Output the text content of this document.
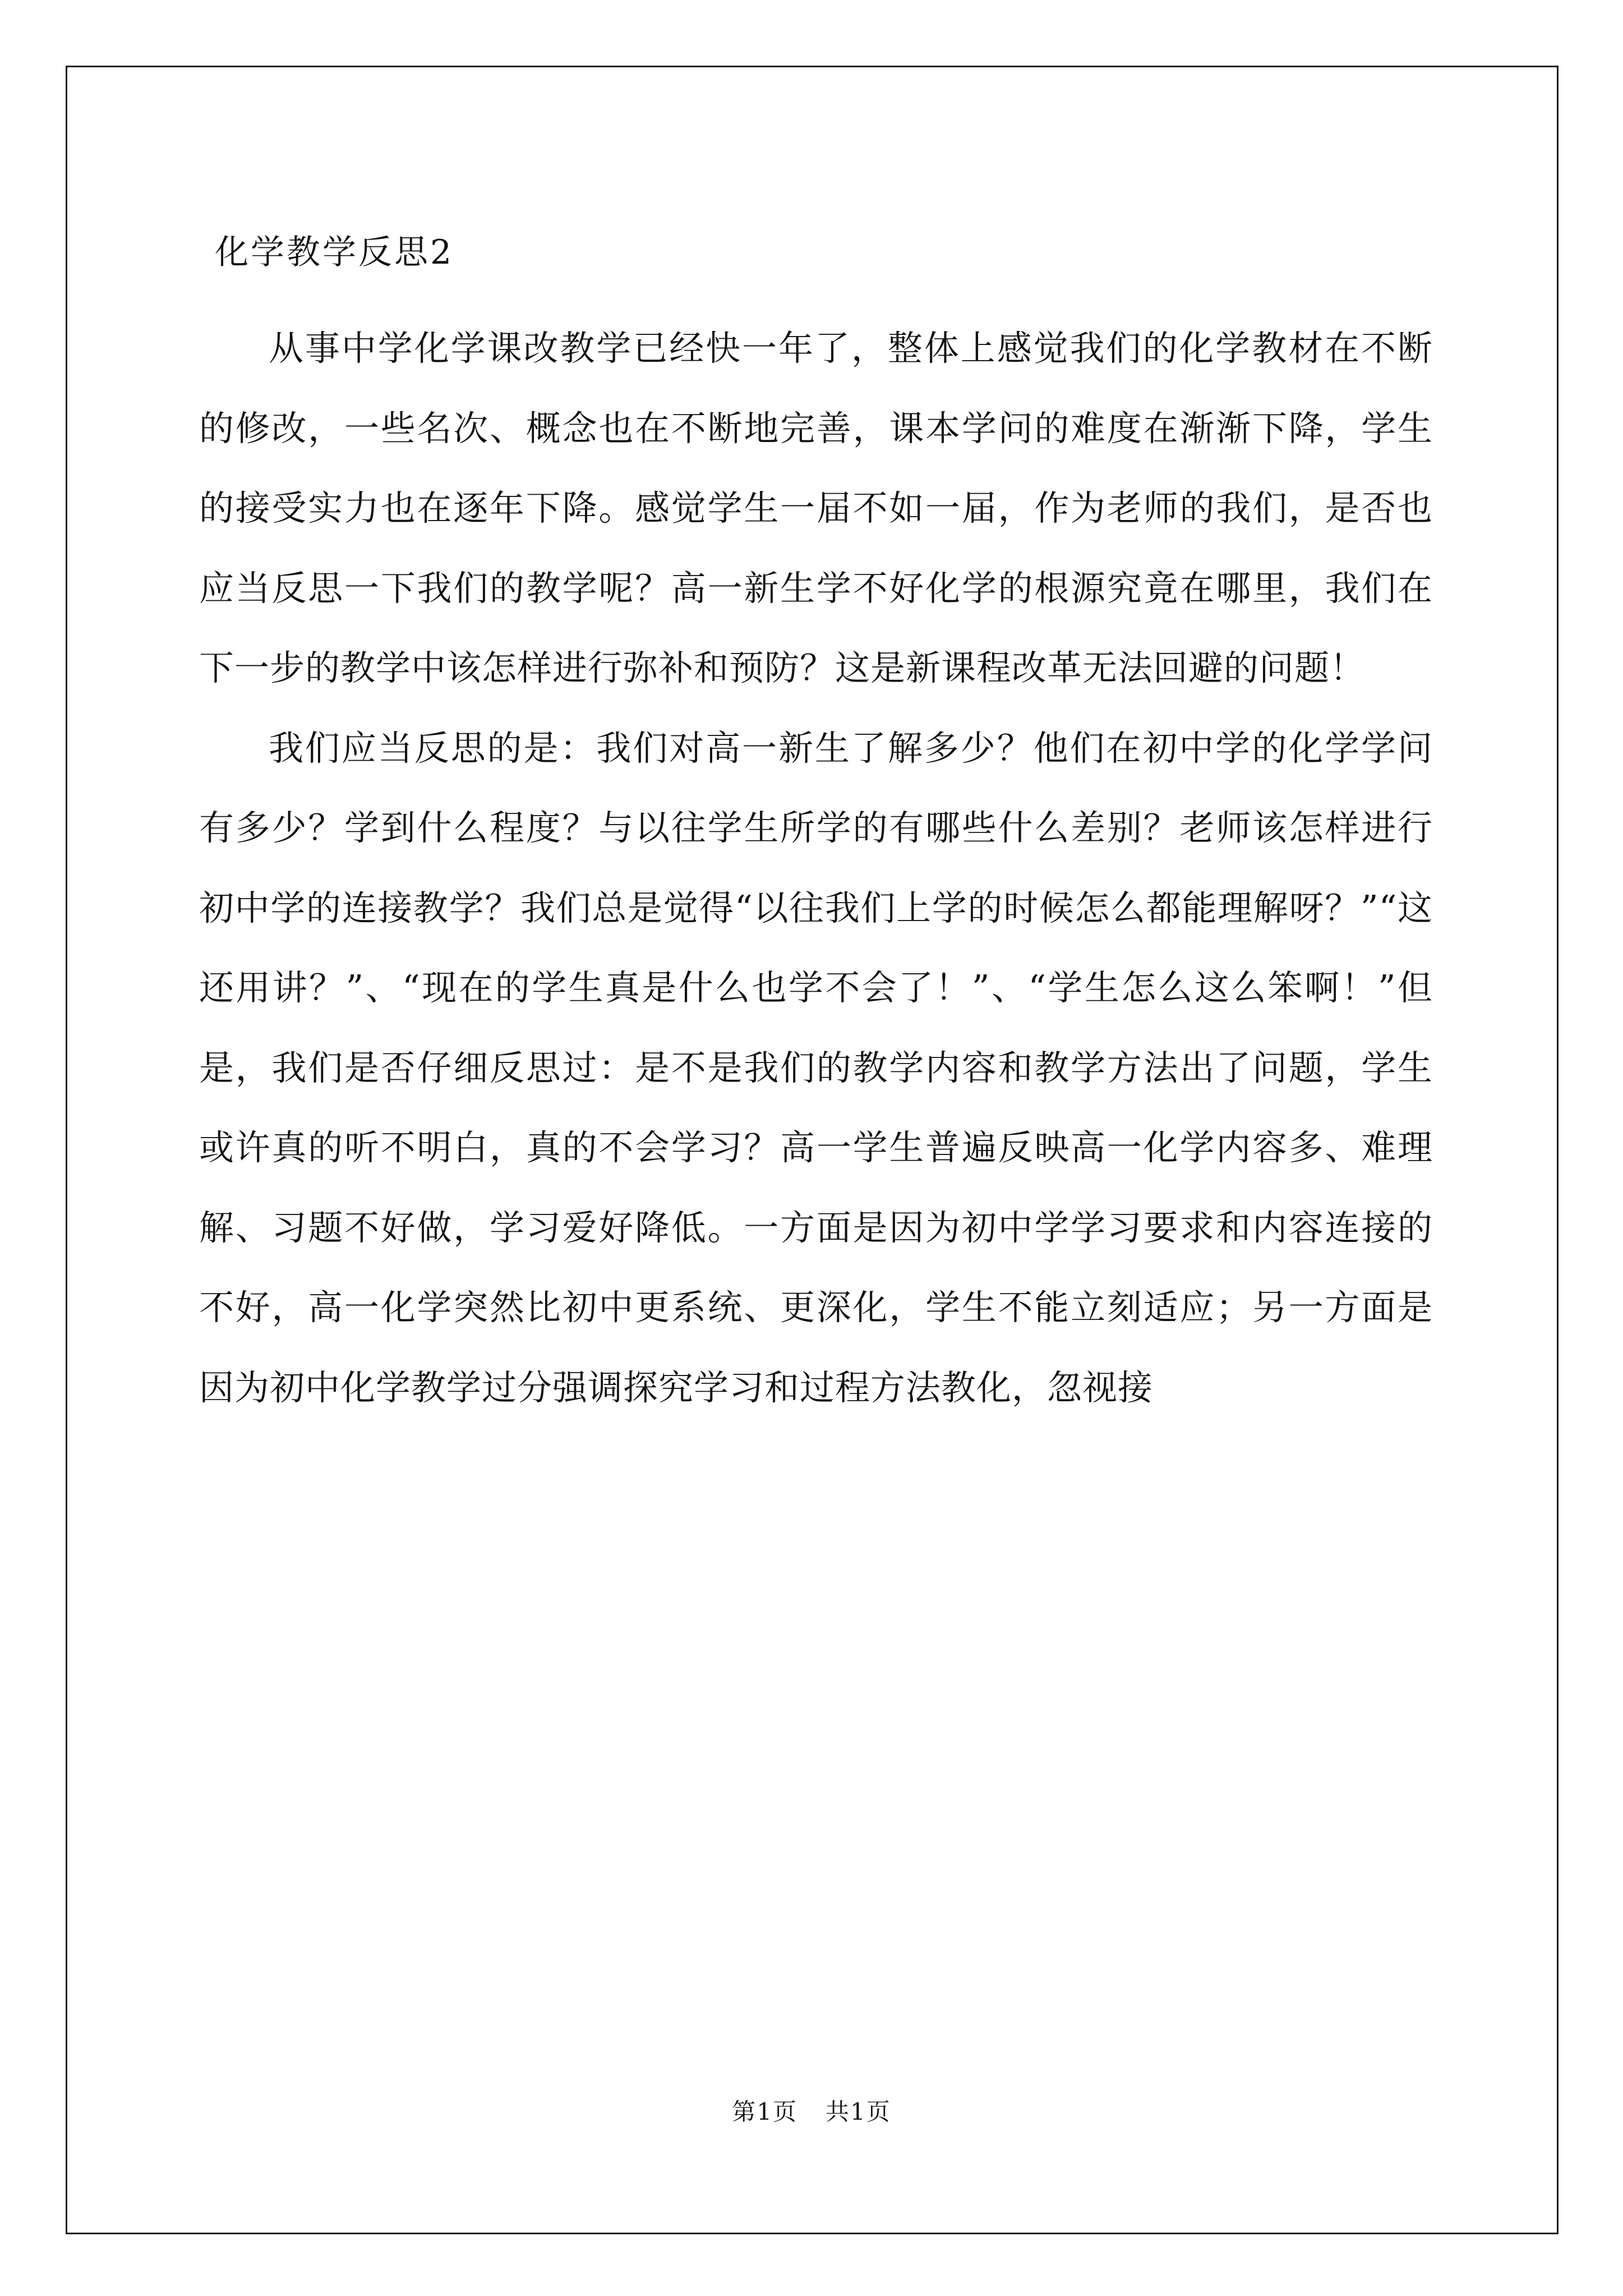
化学教学反思2

从事中学化学课改教学已经快一年了，整体上感觉我们的化学教材在不断的修改，一些名次、概念也在不断地完善，课本学问的难度在渐渐下降，学生的接受实力也在逐年下降。感觉学生一届不如一届，作为老师的我们，是否也应当反思一下我们的教学呢？高一新生学不好化学的根源究竟在哪里，我们在下一步的教学中该怎样进行弥补和预防？这是新课程改革无法回避的问题！

我们应当反思的是：我们对高一新生了解多少？他们在初中学的化学学问有多少？学到什么程度？与以往学生所学的有哪些什么差别？老师该怎样进行初中学的连接教学？我们总是觉得“以往我们上学的时候怎么都能理解呀？”“这还用讲？”、“现在的学生真是什么也学不会了！”、“学生怎么这么笨啊！”但是，我们是否仔细反思过：是不是我们的教学内容和教学方法出了问题，学生或许真的听不明白，真的不会学习？高一学生普遍反映高一化学内容多、难理解、习题不好做，学习爱好降低。一方面是因为初中学学习要求和内容连接的不好，高一化学突然比初中更系统、更深化，学生不能立刻适应；另一方面是因为初中化学教学过分强调探究学习和过程方法教化，忽视接

第1页 共1页
